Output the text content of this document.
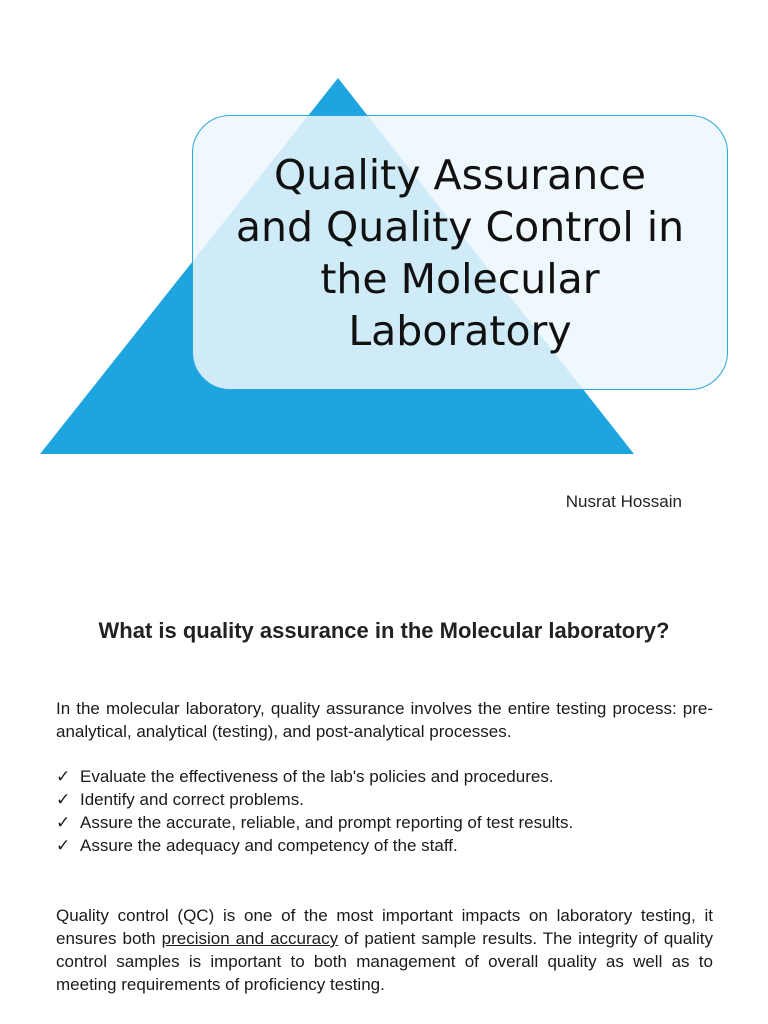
Quality Assurance and Quality Control in the Molecular Laboratory

Nusrat Hossain

What is quality assurance in the Molecular laboratory?

In the molecular laboratory, quality assurance involves the entire testing process: pre-analytical, analytical (testing), and post-analytical processes.

✓ Evaluate the effectiveness of the lab's policies and procedures.
✓ Identify and correct problems.
✓ Assure the accurate, reliable, and prompt reporting of test results.
✓ Assure the adequacy and competency of the staff.

Quality control (QC) is one of the most important impacts on laboratory testing, it ensures both precision and accuracy of patient sample results. The integrity of quality control samples is important to both management of overall quality as well as to meeting requirements of proficiency testing.
